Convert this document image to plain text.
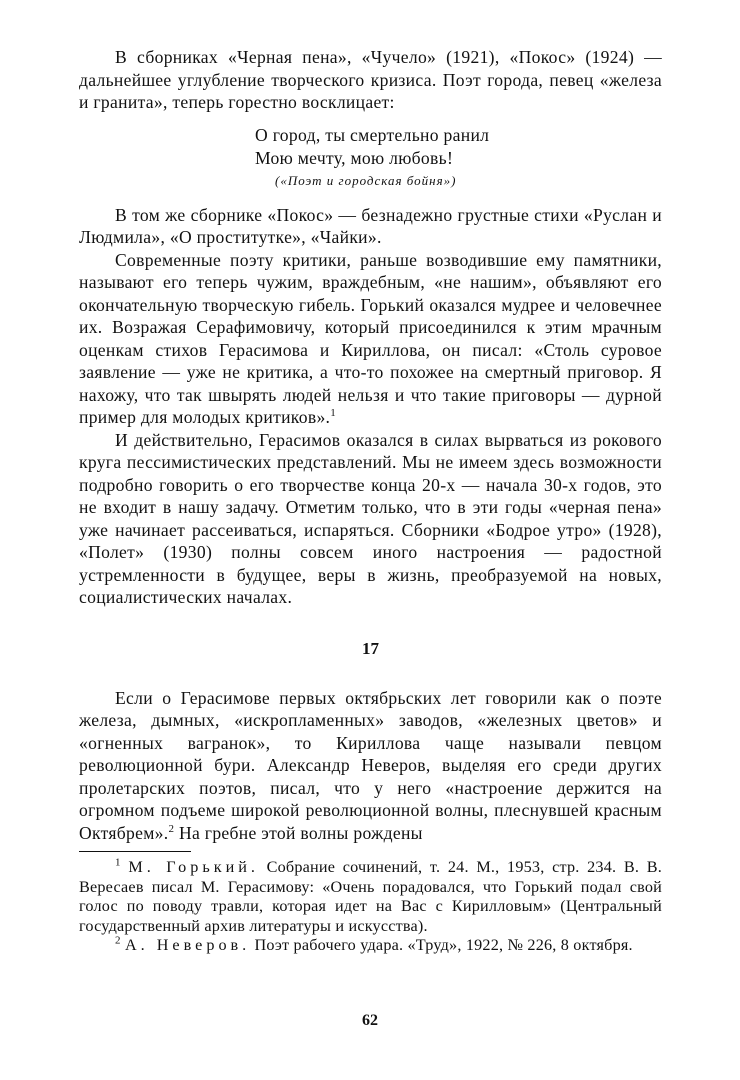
В сборниках «Черная пена», «Чучело» (1921), «Покос» (1924) — дальнейшее углубление творческого кризиса. Поэт города, певец «железа и гранита», теперь горестно восклицает:

О город, ты смертельно ранил
Мою мечту, мою любовь!
(«Поэт и городская бойня»)

В том же сборнике «Покос» — безнадежно грустные стихи «Руслан и Людмила», «О проститутке», «Чайки».

Современные поэту критики, раньше возводившие ему памятники, называют его теперь чужим, враждебным, «не нашим», объявляют его окончательную творческую гибель. Горький оказался мудрее и человечнее их. Возражая Серафимовичу, который присоединился к этим мрачным оценкам стихов Герасимова и Кириллова, он писал: «Столь суровое заявление — уже не критика, а что-то похожее на смертный приговор. Я нахожу, что так швырять людей нельзя и что такие приговоры — дурной пример для молодых критиков».$^1$

И действительно, Герасимов оказался в силах вырваться из рокового круга пессимистических представлений. Мы не имеем здесь возможности подробно говорить о его творчестве конца 20-х — начала 30-х годов, это не входит в нашу задачу. Отметим только, что в эти годы «черная пена» уже начинает рассеиваться, испаряться. Сборники «Бодрое утро» (1928), «Полет» (1930) полны совсем иного настроения — радостной устремленности в будущее, веры в жизнь, преобразуемой на новых, социалистических началах.

17

Если о Герасимове первых октябрьских лет говорили как о поэте железа, дымных, «искропламенных» заводов, «железных цветов» и «огненных вагранок», то Кириллова чаще называли певцом революционной бури. Александр Неверов, выделяя его среди других пролетарских поэтов, писал, что у него «настроение держится на огромном подъеме широкой революционной волны, плеснувшей красным Октябрем».$^2$ На гребне этой волны рождены

$^1$ М. Горький. Собрание сочинений, т. 24. М., 1953, стр. 234. В. В. Вересаев писал М. Герасимову: «Очень порадовался, что Горький подал свой голос по поводу травли, которая идет на Вас с Кирилловым» (Центральный государственный архив литературы и искусства).

$^2$ А. Неверов. Поэт рабочего удара. «Труд», 1922, № 226, 8 октября.

62
